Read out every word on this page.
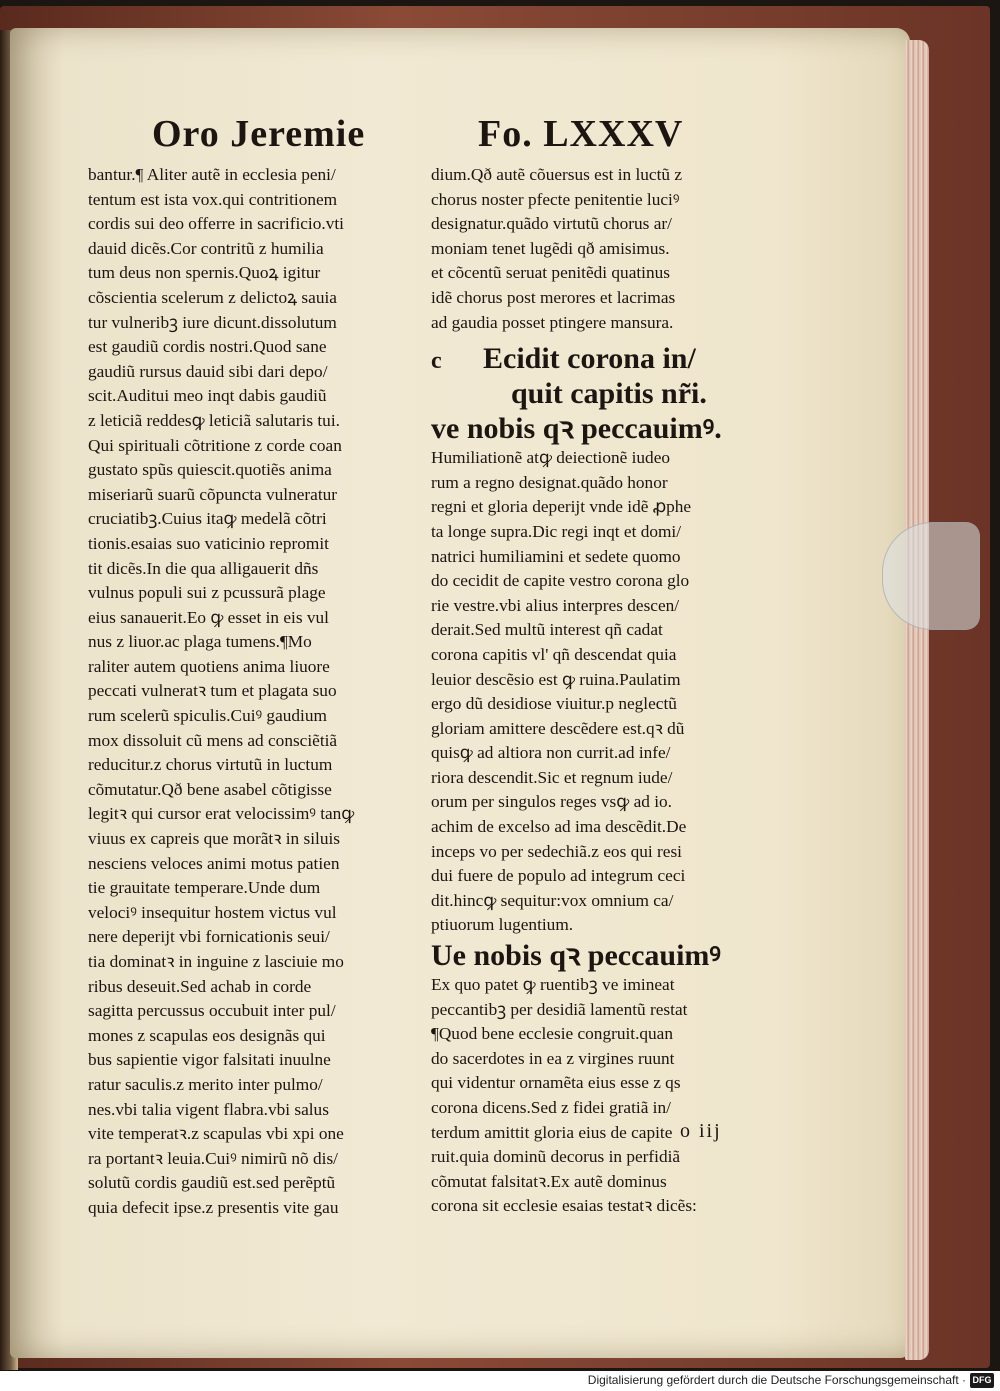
Oro Jeremie	Fo. LXXXV
bantur.¶ Aliter autẽ in ecclesia peni/
tentum est ista vox.qui contritionem
cordis sui deo offerre in sacrificio.vti
dauid dicẽs.Cor contritũ z humilia
tum deus non spernis.Quoꝝ igitur
cõscientia scelerum z delictoꝝ sauia
tur vulneribꝫ iure dicunt.dissolutum
est gaudiũ cordis nostri.Quod sane
gaudiũ rursus dauid sibi dari depo/
scit.Auditui meo inqt dabis gaudiũ
z leticiã reddesꝙ leticiã salutaris tui.
Qui spirituali cõtritione z corde coan
gustato spũs quiescit.quotiẽs anima
miseriarũ suarũ cõpuncta vulneratur
cruciatibꝫ.Cuius itaꝙ medelã cõtri
tionis.esaias suo vaticinio repromit
tit dicẽs.In die qua alligauerit dñs
vulnus populi sui z pcussurã plage
eius sanauerit.Eo ꝙ esset in eis vul
nus z liuor.ac plaga tumens.¶Mo
raliter autem quotiens anima liuore
peccati vulneratꝛ tum et plagata suo
rum scelerũ spiculis.Cuiꝰ gaudium
mox dissoluit cũ mens ad consciẽtiã
reducitur.z chorus virtutũ in luctum
cõmutatur.Qð bene asabel cõtigisse
legitꝛ qui cursor erat velocissimꝰ tanꝙ
viuus ex capreis que morãtꝛ in siluis
nesciens veloces animi motus patien
tie grauitate temperare.Unde dum
velociꝰ insequitur hostem victus vul
nere deperijt vbi fornicationis seui/
tia dominatꝛ in inguine z lasciuie mo
ribus deseuit.Sed achab in corde
sagitta percussus occubuit inter pul/
mones z scapulas eos designãs qui
bus sapientie vigor falsitati inuulne
ratur saculis.z merito inter pulmo/
nes.vbi talia vigent flabra.vbi salus
vite temperatꝛ.z scapulas vbi xpi one
ra portantꝛ leuia.Cuiꝰ nimirũ nõ dis/
solutũ cordis gaudiũ est.sed perẽptũ
quia defecit ipse.z presentis vite gau
dium.Qð autẽ cõuersus est in luctũ z
chorus noster pfecte penitentie luciꝰ
designatur.quãdo virtutũ chorus ar/
moniam tenet lugẽdi qð amisimus.
et cõcentũ seruat penitẽdi quatinus
idẽ chorus post merores et lacrimas
ad gaudia posset ptingere mansura.
c Ecidit corona in/
quit capitis nr̃i.
ve nobis qꝛ peccauimꝰ.
Humiliationẽ atꝙ deiectionẽ iudeo
rum a regno designat.quãdo honor
regni et gloria deperijt vnde idẽ ꝓphe
ta longe supra.Dic regi inqt et domi/
natrici humiliamini et sedete quomo
do cecidit de capite vestro corona glo
rie vestre.vbi alius interpres descen/
derait.Sed multũ interest qñ cadat
corona capitis vl' qñ descendat quia
leuior descẽsio est ꝙ ruina.Paulatim
ergo dũ desidiose viuitur.p neglectũ
gloriam amittere descẽdere est.qꝛ dũ
quisꝙ ad altiora non currit.ad infe/
riora descendit.Sic et regnum iude/
orum per singulos reges vsꝙ ad io.
achim de excelso ad ima descẽdit.De
inceps vo per sedechiã.z eos qui resi
dui fuere de populo ad integrum ceci
dit.hincꝙ sequitur:vox omnium ca/
ptiuorum lugentium.
Ue nobis qꝛ peccauimꝰ
Ex quo patet ꝙ ruentibꝫ ve imineat
peccantibꝫ per desidiã lamentũ restat
¶Quod bene ecclesie congruit.quan
do sacerdotes in ea z virgines ruunt
qui videntur ornamẽta eius esse z qs
corona dicens.Sed z fidei gratiã in/
terdum amittit gloria eius de capite
ruit.quia dominũ decorus in perfidiã
cõmutat falsitatꝛ.Ex autẽ dominus
corona sit ecclesie esaias testatꝛ dicẽs:
o iij
Digitalisierung gefördert durch die Deutsche Forschungsgemeinschaft · DFG
